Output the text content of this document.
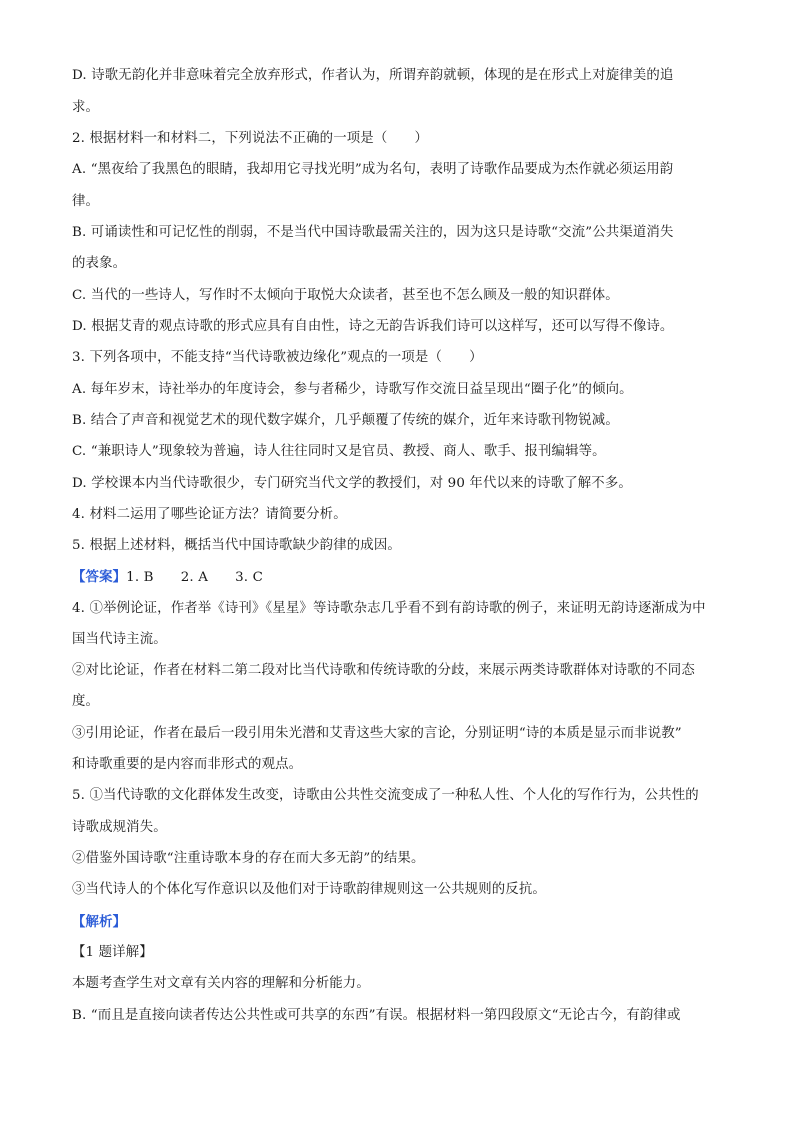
D. 诗歌无韵化并非意味着完全放弃形式，作者认为，所谓弃韵就顿，体现的是在形式上对旋律美的追
求。
2. 根据材料一和材料二，下列说法不正确的一项是（　　）
A. “黑夜给了我黑色的眼睛，我却用它寻找光明”成为名句，表明了诗歌作品要成为杰作就必须运用韵
律。
B. 可诵读性和可记忆性的削弱，不是当代中国诗歌最需关注的，因为这只是诗歌“交流”公共渠道消失
的表象。
C. 当代的一些诗人，写作时不太倾向于取悦大众读者，甚至也不怎么顾及一般的知识群体。
D. 根据艾青的观点诗歌的形式应具有自由性，诗之无韵告诉我们诗可以这样写，还可以写得不像诗。
3. 下列各项中，不能支持“当代诗歌被边缘化”观点的一项是（　　）
A. 每年岁末，诗社举办的年度诗会，参与者稀少，诗歌写作交流日益呈现出“圈子化”的倾向。
B. 结合了声音和视觉艺术的现代数字媒介，几乎颠覆了传统的媒介，近年来诗歌刊物锐减。
C. “兼职诗人”现象较为普遍，诗人往往同时又是官员、教授、商人、歌手、报刊编辑等。
D. 学校课本内当代诗歌很少，专门研究当代文学的教授们，对 90 年代以来的诗歌了解不多。
4. 材料二运用了哪些论证方法？请简要分析。
5. 根据上述材料，概括当代中国诗歌缺少韵律的成因。
【答案】1. B　　2. A　　3. C
4. ①举例论证，作者举《诗刊》《星星》等诗歌杂志几乎看不到有韵诗歌的例子，来证明无韵诗逐渐成为中
国当代诗主流。
②对比论证，作者在材料二第二段对比当代诗歌和传统诗歌的分歧，来展示两类诗歌群体对诗歌的不同态
度。
③引用论证，作者在最后一段引用朱光潜和艾青这些大家的言论，分别证明“诗的本质是显示而非说教”
和诗歌重要的是内容而非形式的观点。
5. ①当代诗歌的文化群体发生改变，诗歌由公共性交流变成了一种私人性、个人化的写作行为，公共性的
诗歌成规消失。
②借鉴外国诗歌“注重诗歌本身的存在而大多无韵”的结果。
③当代诗人的个体化写作意识以及他们对于诗歌韵律规则这一公共规则的反抗。
【解析】
【1 题详解】
本题考查学生对文章有关内容的理解和分析能力。
B. “而且是直接向读者传达公共性或可共享的东西”有误。根据材料一第四段原文“无论古今，有韵律或
